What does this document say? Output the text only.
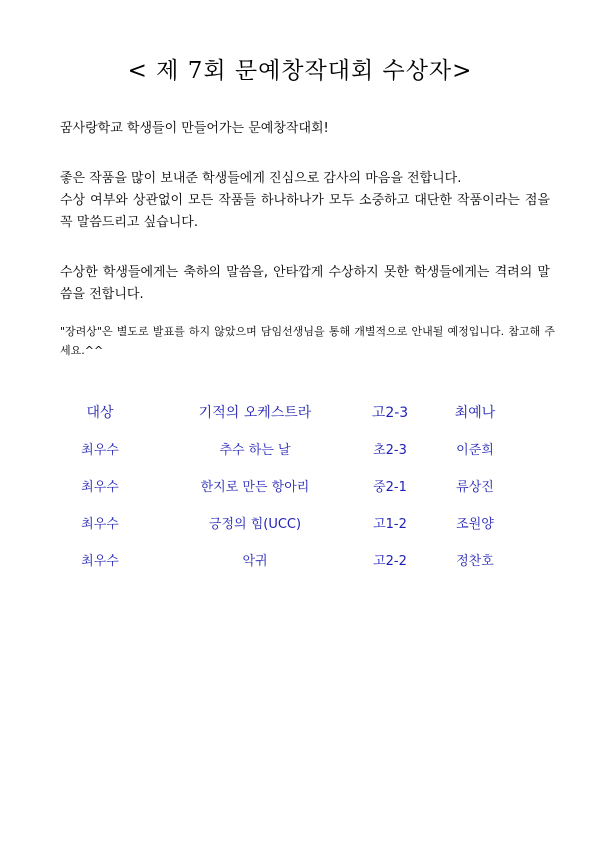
< 제 7회 문예창작대회 수상자>

꿈사랑학교 학생들이 만들어가는 문예창작대회!

좋은 작품을 많이 보내준 학생들에게 진심으로 감사의 마음을 전합니다.

수상 여부와 상관없이 모든 작품들 하나하나가 모두 소중하고 대단한 작품이라는 점을 꼭 말씀드리고 싶습니다.

수상한 학생들에게는 축하의 말씀을, 안타깝게 수상하지 못한 학생들에게는 격려의 말씀을 전합니다.

"장려상"은 별도로 발표를 하지 않았으며 담임선생님을 통해 개별적으로 안내될 예정입니다. 참고해 주세요.^^

대상	기적의 오케스트라	고2-3	최예나
최우수	추수 하는 날	초2-3	이준희
최우수	한지로 만든 항아리	중2-1	류상진
최우수	긍정의 힘(UCC)	고1-2	조원양
최우수	악귀	고2-2	정찬호
